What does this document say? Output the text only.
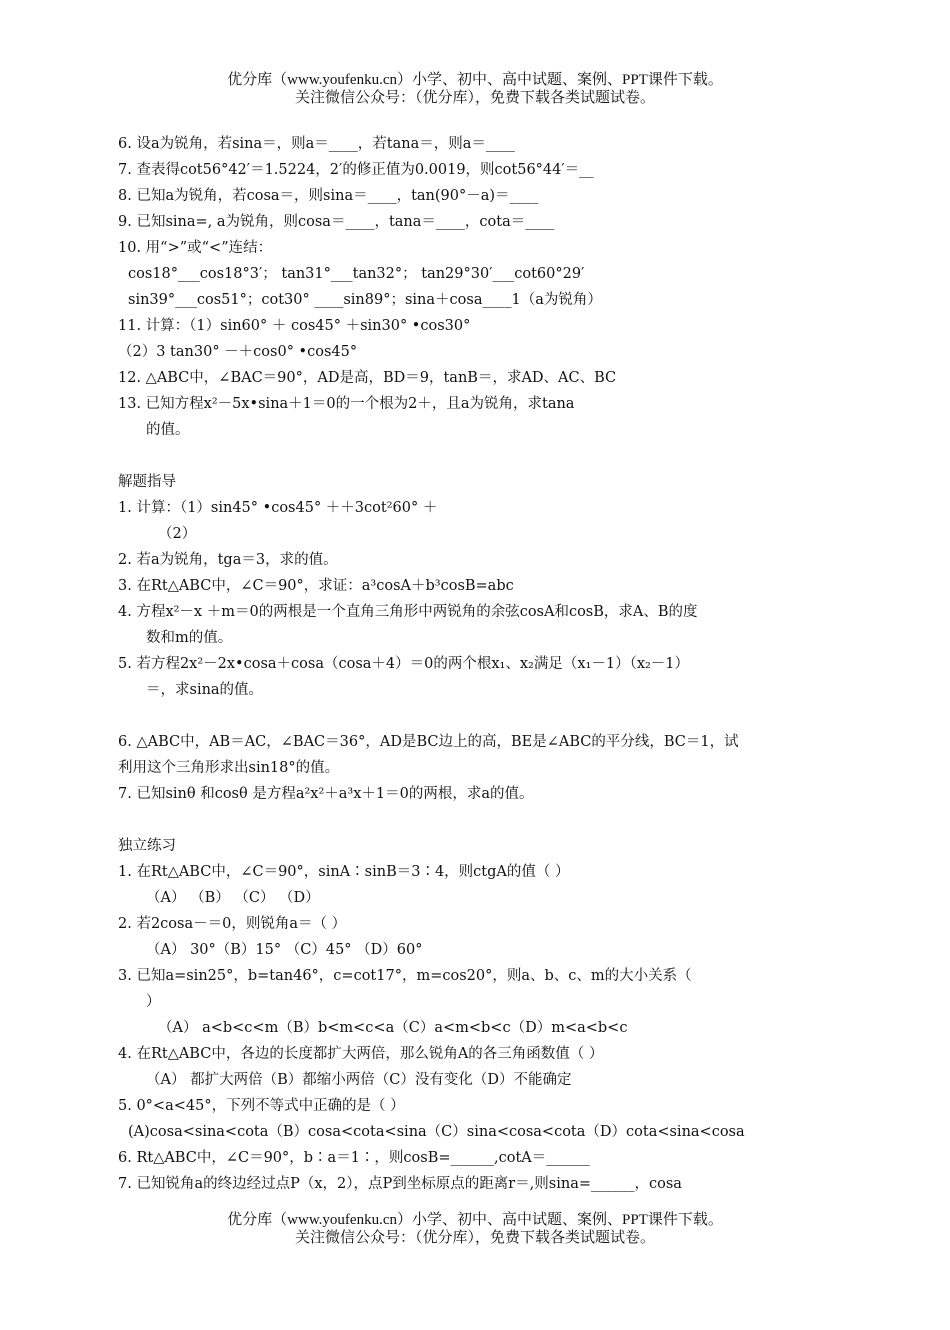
优分库（www.youfenku.cn）小学、初中、高中试题、案例、PPT课件下载。
关注微信公众号：（优分库），免费下载各类试题试卷。
6. 设a为锐角，若sina＝，则a＝____，若tana＝，则a＝____
7. 查表得cot56°42′＝1.5224，2′的修正值为0.0019，则cot56°44′＝__
8. 已知a为锐角，若cosa＝，则sina＝____，tan(90°－a)＝____
9. 已知sina=, a为锐角，则cosa＝____，tana＝____，cota＝____
10. 用“>”或“<”连结：
cos18°___cos18°3′； tan31°___tan32°； tan29°30′___cot60°29′
sin39°___cos51°；cot30° ____sin89°；sina＋cosa____1（a为锐角）
11. 计算：（1）sin60° ＋ cos45° ＋sin30° •cos30°
（2）3 tan30° －＋cos0° •cos45°
12. △ABC中，∠BAC＝90°，AD是高，BD＝9，tanB＝，求AD、AC、BC
13. 已知方程x²－5x•sina＋1＝0的一个根为2＋，且a为锐角，求tana
的值。
解题指导
1. 计算：（1）sin45° •cos45° ＋＋3cot²60° ＋
（2）
2. 若a为锐角，tga＝3，求的值。
3. 在Rt△ABC中，∠C＝90°，求证：a³cosA＋b³cosB=abc
4. 方程x²－x ＋m＝0的两根是一个直角三角形中两锐角的余弦cosA和cosB，求A、B的度
数和m的值。
5. 若方程2x²－2x•cosa＋cosa（cosa＋4）＝0的两个根x₁、x₂满足（x₁－1）（x₂－1）
＝，求sina的值。
6. △ABC中，AB＝AC，∠BAC＝36°，AD是BC边上的高，BE是∠ABC的平分线，BC＝1，试
利用这个三角形求出sin18°的值。
7. 已知sinθ 和cosθ 是方程a²x²＋a³x＋1＝0的两根，求a的值。
独立练习
1. 在Rt△ABC中，∠C＝90°，sinA∶sinB＝3∶4，则ctgA的值（ ）
（A） （B） （C） （D）
2. 若2cosa－＝0，则锐角a＝（ ）
（A） 30°（B）15° （C）45° （D）60°
3. 已知a=sin25°，b=tan46°，c=cot17°，m=cos20°，则a、b、c、m的大小关系（
）
（A） a<b<c<m（B）b<m<c<a（C）a<m<b<c（D）m<a<b<c
4. 在Rt△ABC中，各边的长度都扩大两倍，那么锐角A的各三角函数值（ ）
（A） 都扩大两倍（B）都缩小两倍（C）没有变化（D）不能确定
5. 0°<a<45°，下列不等式中正确的是（ ）
(A)cosa<sina<cota（B）cosa<cota<sina（C）sina<cosa<cota（D）cota<sina<cosa
6. Rt△ABC中，∠C＝90°，b∶a＝1∶，则cosB=______,cotA＝______
7. 已知锐角a的终边经过点P（x，2），点P到坐标原点的距离r＝,则sina=______，cosa
优分库（www.youfenku.cn）小学、初中、高中试题、案例、PPT课件下载。
关注微信公众号：（优分库），免费下载各类试题试卷。
